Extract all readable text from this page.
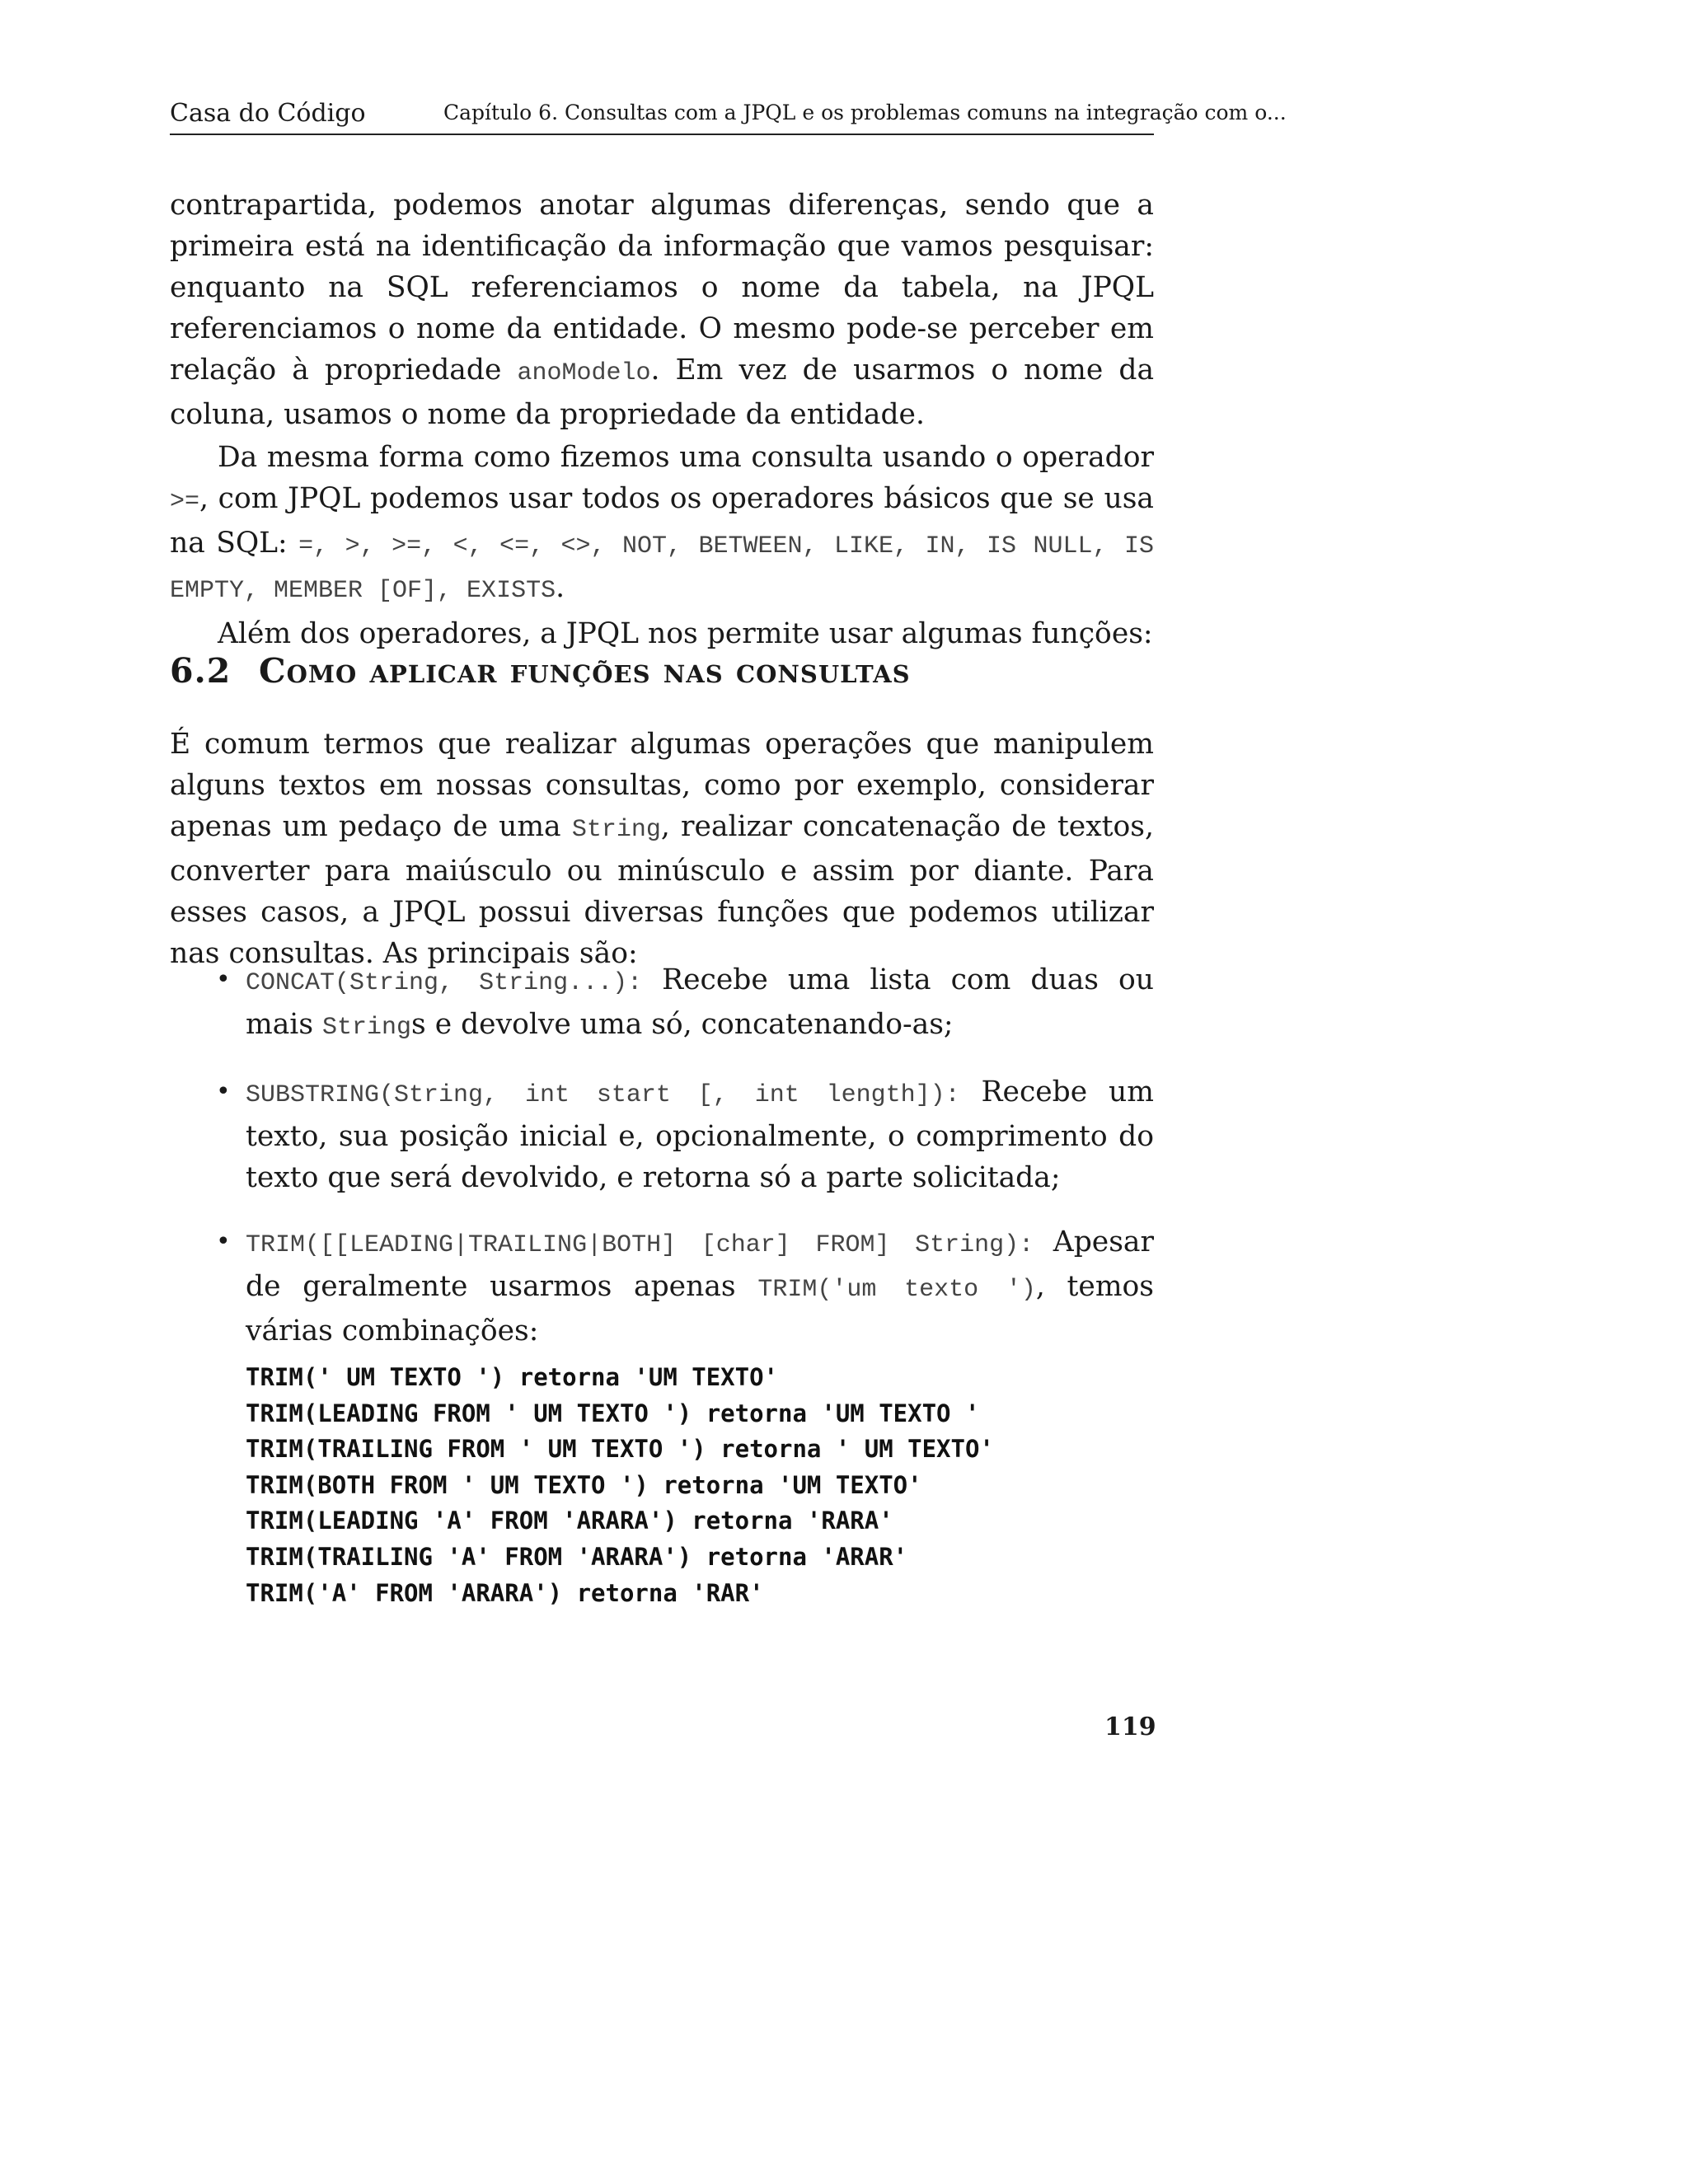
Casa do Código	Capítulo 6. Consultas com a JPQL e os problemas comuns na integração com o...

contrapartida, podemos anotar algumas diferenças, sendo que a primeira está na identificação da informação que vamos pesquisar: enquanto na SQL referenciamos o nome da tabela, na JPQL referenciamos o nome da entidade. O mesmo pode-se perceber em relação à propriedade anoModelo. Em vez de usarmos o nome da coluna, usamos o nome da propriedade da entidade.

Da mesma forma como fizemos uma consulta usando o operador >=, com JPQL podemos usar todos os operadores básicos que se usa na SQL: =, >, >=, <, <=, <>, NOT, BETWEEN, LIKE, IN, IS NULL, IS EMPTY, MEMBER [OF], EXISTS.

Além dos operadores, a JPQL nos permite usar algumas funções:

6.2 Como aplicar funções nas consultas

É comum termos que realizar algumas operações que manipulem alguns textos em nossas consultas, como por exemplo, considerar apenas um pedaço de uma String, realizar concatenação de textos, converter para maiúsculo ou minúsculo e assim por diante. Para esses casos, a JPQL possui diversas funções que podemos utilizar nas consultas. As principais são:

• CONCAT(String, String...): Recebe uma lista com duas ou mais Strings e devolve uma só, concatenando-as;
• SUBSTRING(String, int start [, int length]): Recebe um texto, sua posição inicial e, opcionalmente, o comprimento do texto que será devolvido, e retorna só a parte solicitada;
• TRIM([[LEADING|TRAILING|BOTH] [char] FROM] String): Apesar de geralmente usarmos apenas TRIM('um texto '), temos várias combinações:
TRIM(' UM TEXTO ') retorna 'UM TEXTO'
TRIM(LEADING FROM ' UM TEXTO ') retorna 'UM TEXTO '
TRIM(TRAILING FROM ' UM TEXTO ') retorna ' UM TEXTO'
TRIM(BOTH FROM ' UM TEXTO ') retorna 'UM TEXTO'
TRIM(LEADING 'A' FROM 'ARARA') retorna 'RARA'
TRIM(TRAILING 'A' FROM 'ARARA') retorna 'ARAR'
TRIM('A' FROM 'ARARA') retorna 'RAR'
119
